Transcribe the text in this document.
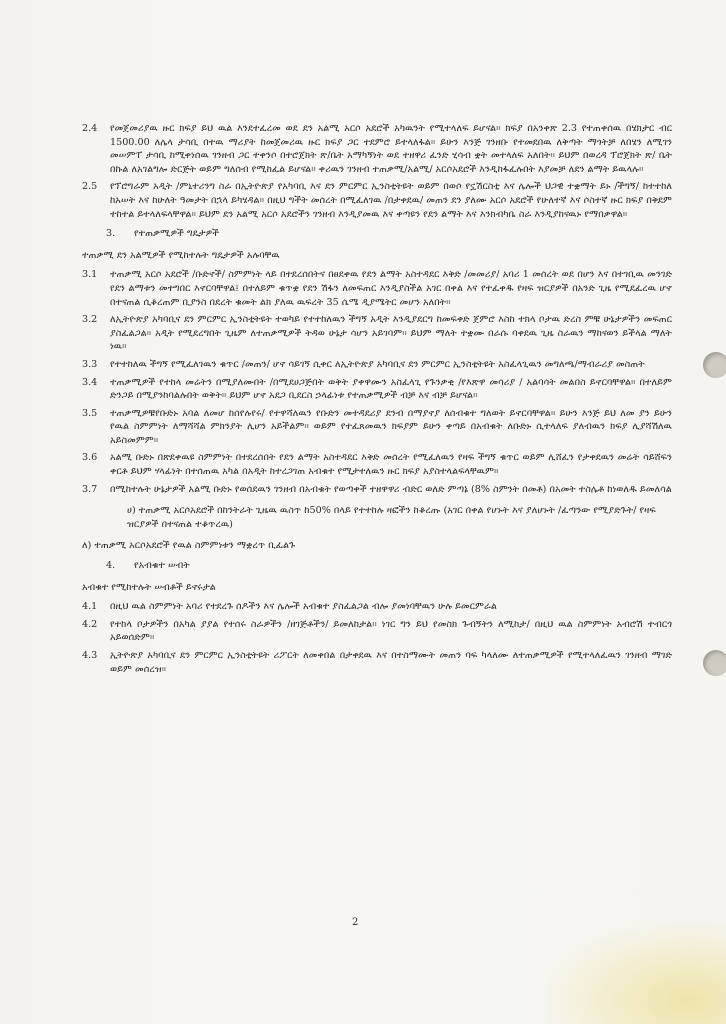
2.4	የመጀመሪያዉ ዙር ክፍያ ይህ ዉል እንደተፈረመ ወደ ደን አልሚ አርሶ አደሮች አካዉንት የሚተላለፍ ይሆናል። ክፍያ በአንቀጽ 2.3 የተጠቀሰዉ በሄክታር ብር 1500.00 ለሌላ ታሳቢ በተዉ ማሪያት ከመጀመሪዉ ዙር ክፍያ ጋር ተደምሮ ይተላለፋል። ይሁን እንጅ ገንዘቡ የተመደበዉ ለቅጣት ማጎትቻ ለበሄን ለሚገን መሠምፐ ታሳቢ ከሚቀነሰዉ ገንዘብ ጋር ተቀንሶ በተሮጀክት ጽ/ቤት አማካኝነት ወደ ተዘዋሪ ፈንድ ሂሳብ ቋት መተላለፍ አለበት። ይህም በወረዳ ፕሮጀክት ጽ/ ቤት በኩል ለአገልግሎ ድርጅት ወይም ግለሰብ የሚከፈል ይሆናል። ቀሪዉን ገንዘብ ተጠቃሚ/አልሚ/ አርሶአደሮች እንዲከፋፈሉበት እያመቻ ለደን ልማት ይዉላሉ።
2.5	የፕሮግራም አዲት /ምኒተሪንግ ስራ በኢትዮጵያ የአካባቢ እና ደን ምርምር ኢንስቲትዩት ወይም በወሶ የኗሽርስቲ እና ሌሎች ህጋዊ ተቋማት ይኑ /ችግኝ/ ከተተከለ ከአሠት እና ከሁለት ዓመታት በኋላ ይካሄዳል። በዚህ ግችት መሰረት በሚፈለገዉ /በታቀደዉ/ መጠን ደን ያለሙ አርሶ አደሮች የሁለተኛ እና ሶስተኛ ዙር ክፍያ በቅደም ተከተል ይተላለፍላቸዋል። ይህም ደን አልሚ አርሶ አደሮችን ገንዘብ እንዲያመዉ እና ቀጣዩን የደን ልማት እና እንክብካቤ ስራ እንዲያከናዉኑ የማበቃዋል።
3.	የተጠቃሚዎች ግዴታዎች
ተጠቃሚ ደን አልሚዎች የሚከተሉት ግዴታዎች አሉባቸዉ
3.1	ተጠቃሚ አርሶ አደሮች /ቡድኖች/ ስምምነት ላይ በተደረሰበትና በፀደቀዉ የደን ልማት አስተዳደር እቅድ /መመሪያ/ አባሪ 1 መሰረት ወደ በሆን እና በተገቢዉ መንገድ የደን ልማቱን መተግበር እኖርባቸዋል፤ በተለይም ቁጥቋ የደን ሽፋን ለመፍጠር እንዲያስችል አገር በቀል እና የተፈቀዱ የዛፍ ዝርያዎች በአንድ ጊዜ የሚደፈረዉ ሆኖ በተናጠል ሲቆረጠም ቢያንስ በደረት ቁመት ልክ ያለዉ ዉፍረት 35 ሴሜ ዲያሜትር መሆን አለበት።
3.2	ለኢትዮጵያ አካባቢና ደን ምርምር ኢንስቲትዩት ተወካይ የተተከለዉን ችግኝ አዲት እንዲያደርግ ከመፍቀድ ጀምሮ እስከ ተክላ ቦታዉ ድረስ ምቹ ሁኔታዎችን መፍጠር ያስፈልጋል። አዲት የሚደረግበት ጊዜም ለተጠቃሚዎች ትዳወ ሁኔታ ሳሆን አይገባም። ይህም ማለት ተቋሙ በራሱ ባቀደዉ ጊዜ ስራዉን ማከናወን ይችላል ማለት ነዉ።
3.3	የተተከለዉ ችግኝ የሚፈለገዉን ቁጥር /መጠን/ ሆኖ ሳይገኝ ሲቀር ለኢትዮጵያ አካባቢና ደን ምርምር ኢንስቲትዩት አስፈላጊዉን መግለጫ/ማብራሪያ መስጠት
3.4	ተጠቃሚዎች የተከላ መሬትን በሚያለሙበት /በሚደሀጋጅበት ወቅት ያቀዋሙን አስፈላጊ የጉንቃቂ /የእጽዋ መሳሪያ / አልባሳት መልበስ ይኖርባቸዋል። በተለይም ድንጋይ በሚያንከባልሉበት ወቅት። ይህም ሆኖ አደጋ ቢደርስ ኃላፊነቱ የተጠቃሚዎች ብቻ እና ብቻ ይሆናል።
3.5	ተጠቃሚዎቹየቡድኑ አባል ለመሆ ከሰየሉየሩ/ የተዋሻለዉን የቡድን መተዳደሪያ ደንብ በማያኖያ ለሰብቁተ ግለወት ይኖርባቸዋል። ይሁን እንጅ ይህ ለመ ያን ይሁን የዉል ስምምነት ለማሻሻል ምክንያት ሊሆን አይችልም። ወይም የተፈጸመዉን ክፍያም ይሁን ቀጣይ በአብቁት ለቡድኑ ሲተላለፍ ያለብዉን ክፍያ ሊያሻሽለዉ አይስመምም።
3.6	አልሚ ቡድኑ በጽደቀዉዩ ስምምነት በተደረሰበት የደን ልማት አስተዳደር እቅድ መሰረት የሚፈለዉን የዛፍ ችግኝ ቁጥር ወይም ሊሸፈን የታቀደዉን መሬት ሳይሸፍን ቀርቶ ይህም ሃላፊነት በተሰጠዉ አካል በአዲት ከተረጋገጠ አብቁተ የሚታተለዉን ዙር ክፍያ አያስተላልፍላቸዉም።
3.7	በሚከተሉት ሁኔታዎች አልሚ ቡድኑ የወሰደዉን ገንዘብ በአብቁት የወጣቀች ተዘዋዋሪ ብድር ወለድ ምጣኔ (8% ስምንት በመቶ) በአመት ተስሌቶ ከነወለዱ ይመለሳል
ሀ) ተጠቃሚ አርሶአደሮች በከንትራት ጊዜዉ ዉስጥ ከ50% በላይ የተተከሉ ዛፎችን ከቆረጡ (አገር በቀል የሆኑት እና ያለሆኑት /ፈጣንው የሚያድጉት/ የዛፍ ዝርያዎች በተናጠል ተቆጥረዉ)
ለ) ተጠቃሚ አርሶአደሮች የዉል ስምምነቱን ማቋረጥ ቢፈልጉ
4.	የአብቁተ ሠብት
አብቁተ የሚከተሉት ሠብቶች ይኖሩታል
4.1	በዚህ ዉል ስምምነት አባሪ የተደረጉ ሰዶችን እና ሌሎች አብቁተ ያስፈልጋል ብሎ ያመነባቸዉን ሁሉ ይመርምራል
4.2	የተከላ ቦታዎችን በአካል ያያል የተሰሩ ስራዎችን /ዘገጅቶችን/ ይመለከታል። ነገር ግን ይህ የመስክ ጉብኝትን ለሚከታ/ በዚህ ዉል ስምምነት አብሮሽ ተብርጎ አይወሰድም።
4.3	ኢትዮጵያ አካባቢና ደን ምርምር ኢንስቲትዩት ሪፖርት ለመቀበል በታቀደዉ እና በተስማሙት መጠን ባፍ ካላለሙ ለተጠቃሚዎች የሚተላለፈዉን ገንዘብ ማገድ ወይም መሰረዝ።
2
